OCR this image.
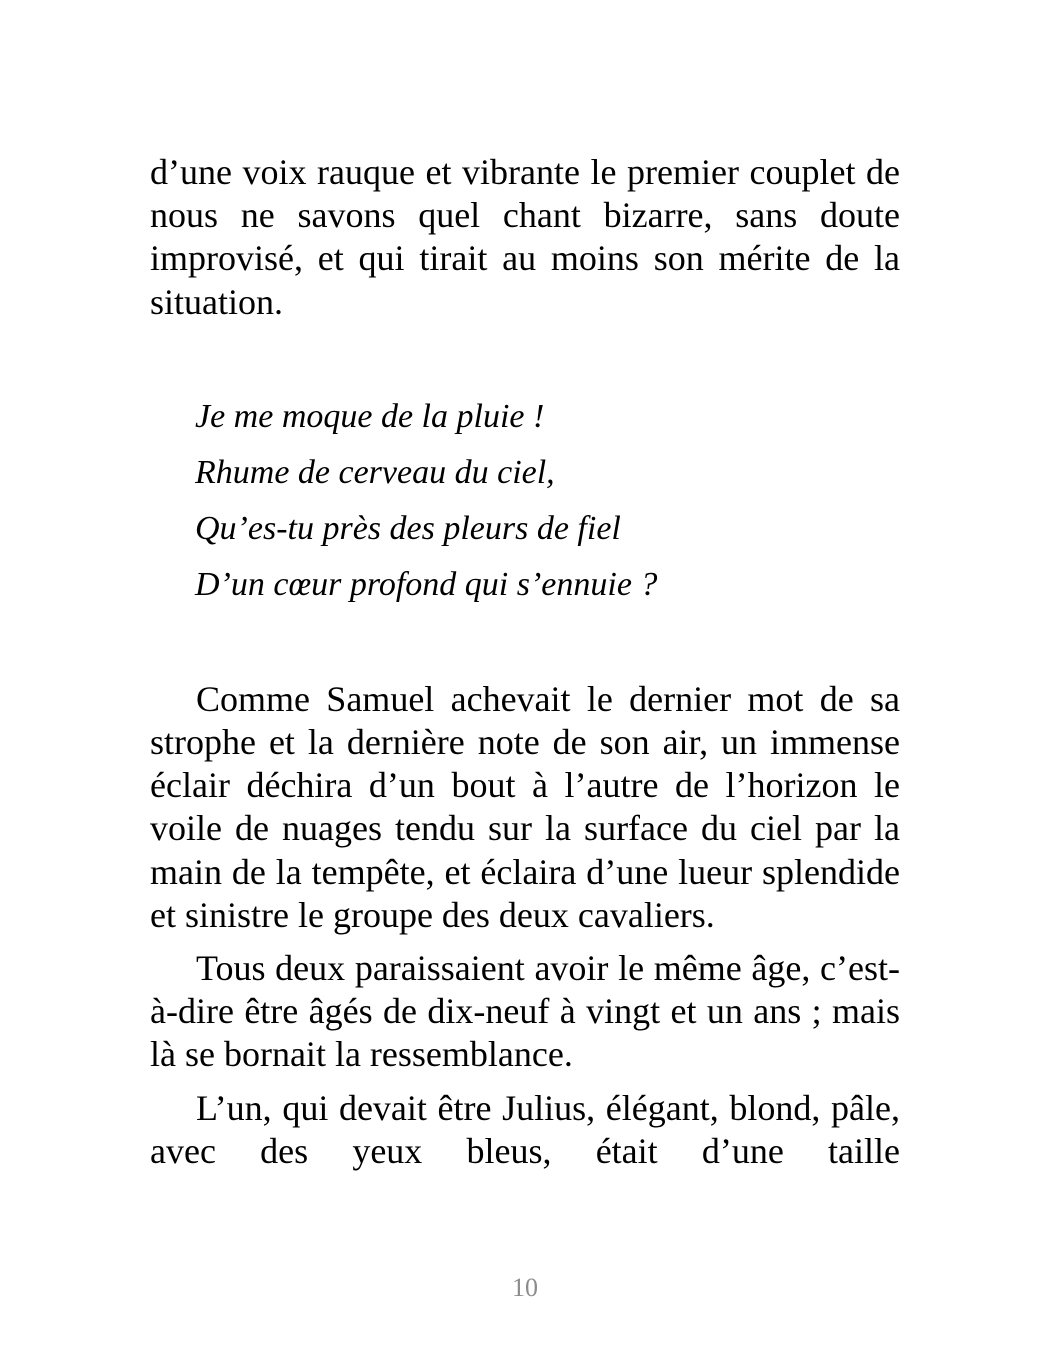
d’une voix rauque et vibrante le premier couplet de nous ne savons quel chant bizarre, sans doute improvisé, et qui tirait au moins son mérite de la situation.

Je me moque de la pluie !
Rhume de cerveau du ciel,
Qu’es-tu près des pleurs de fiel
D’un cœur profond qui s’ennuie ?

Comme Samuel achevait le dernier mot de sa strophe et la dernière note de son air, un immense éclair déchira d’un bout à l’autre de l’horizon le voile de nuages tendu sur la surface du ciel par la main de la tempête, et éclaira d’une lueur splendide et sinistre le groupe des deux cavaliers.

Tous deux paraissaient avoir le même âge, c’est-à-dire être âgés de dix-neuf à vingt et un ans ; mais là se bornait la ressemblance.

L’un, qui devait être Julius, élégant, blond, pâle, avec des yeux bleus, était d’une taille

10
